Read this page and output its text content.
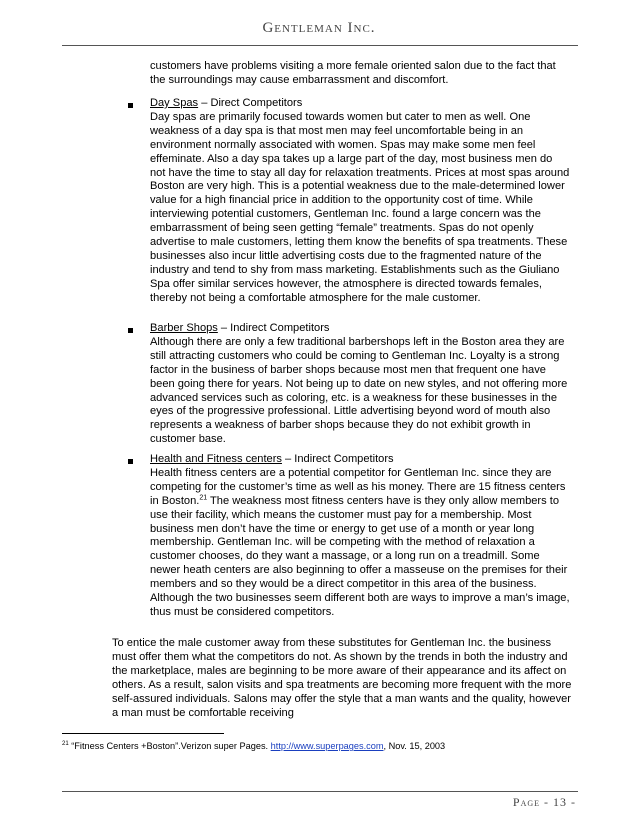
Gentleman Inc.
customers have problems visiting a more female oriented salon due to the fact that the surroundings may cause embarrassment and discomfort.
Day Spas – Direct Competitors
Day spas are primarily focused towards women but cater to men as well. One weakness of a day spa is that most men may feel uncomfortable being in an environment normally associated with women. Spas may make some men feel effeminate. Also a day spa takes up a large part of the day, most business men do not have the time to stay all day for relaxation treatments. Prices at most spas around Boston are very high. This is a potential weakness due to the male-determined lower value for a high financial price in addition to the opportunity cost of time. While interviewing potential customers, Gentleman Inc. found a large concern was the embarrassment of being seen getting “female” treatments. Spas do not openly advertise to male customers, letting them know the benefits of spa treatments. These businesses also incur little advertising costs due to the fragmented nature of the industry and tend to shy from mass marketing. Establishments such as the Giuliano Spa offer similar services however, the atmosphere is directed towards females, thereby not being a comfortable atmosphere for the male customer.
Barber Shops – Indirect Competitors
Although there are only a few traditional barbershops left in the Boston area they are still attracting customers who could be coming to Gentleman Inc. Loyalty is a strong factor in the business of barber shops because most men that frequent one have been going there for years. Not being up to date on new styles, and not offering more advanced services such as coloring, etc. is a weakness for these businesses in the eyes of the progressive professional. Little advertising beyond word of mouth also represents a weakness of barber shops because they do not exhibit growth in customer base.
Health and Fitness centers – Indirect Competitors
Health fitness centers are a potential competitor for Gentleman Inc. since they are competing for the customer’s time as well as his money. There are 15 fitness centers in Boston.$^{21}$ The weakness most fitness centers have is they only allow members to use their facility, which means the customer must pay for a membership. Most business men don’t have the time or energy to get use of a month or year long membership. Gentleman Inc. will be competing with the method of relaxation a customer chooses, do they want a massage, or a long run on a treadmill. Some newer heath centers are also beginning to offer a masseuse on the premises for their members and so they would be a direct competitor in this area of the business. Although the two businesses seem different both are ways to improve a man’s image, thus must be considered competitors.
To entice the male customer away from these substitutes for Gentleman Inc. the business must offer them what the competitors do not. As shown by the trends in both the industry and the marketplace, males are beginning to be more aware of their appearance and its affect on others. As a result, salon visits and spa treatments are becoming more frequent with the more self-assured individuals. Salons may offer the style that a man wants and the quality, however a man must be comfortable receiving
$^{21}$ “Fitness Centers +Boston”.Verizon super Pages. http://www.superpages.com, Nov. 15, 2003
Page - 13 -
